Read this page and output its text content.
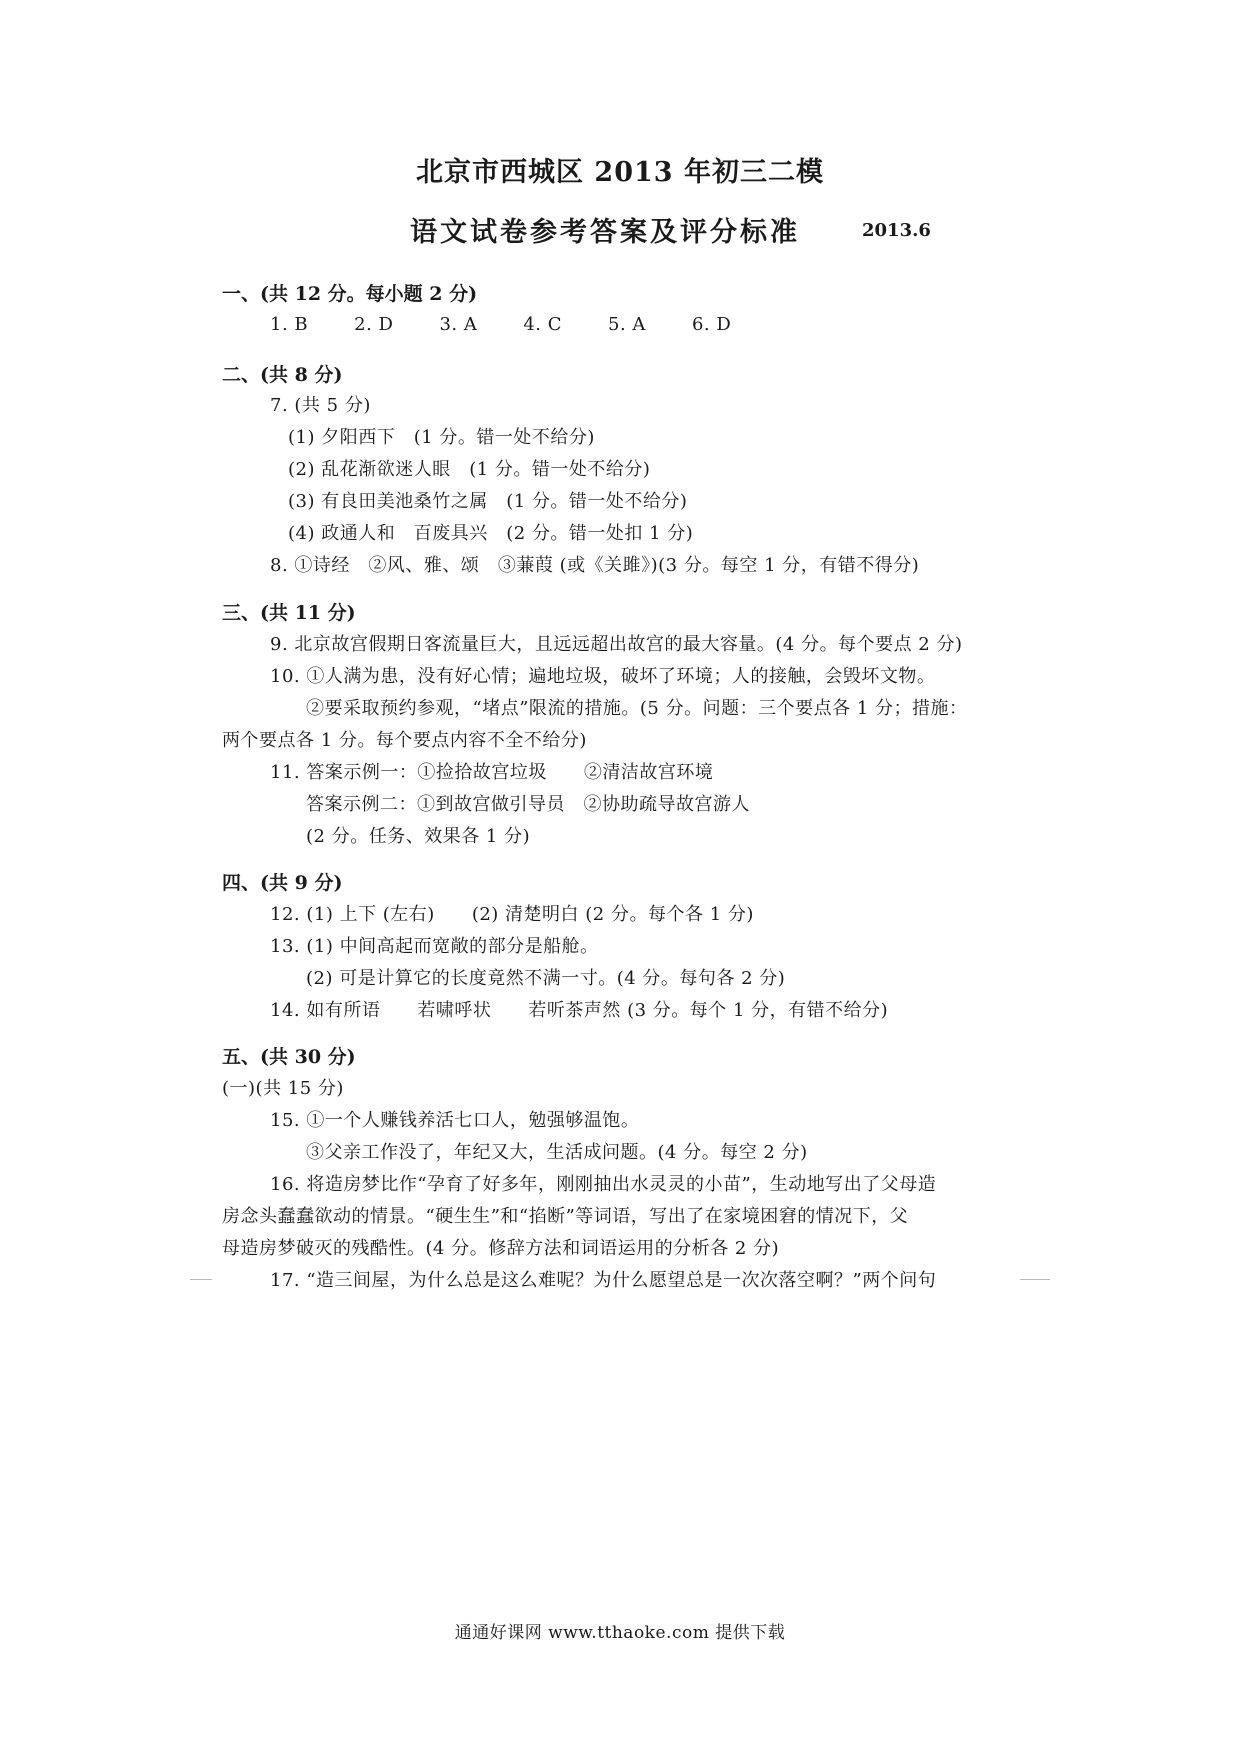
北京市西城区 2013 年初三二模
语文试卷参考答案及评分标准	2013.6
一、(共 12 分。每小题 2 分)
1. B	2. D	3. A	4. C	5. A	6. D
二、(共 8 分)
7. (共 5 分)
(1) 夕阳西下　(1 分。错一处不给分)
(2) 乱花渐欲迷人眼　(1 分。错一处不给分)
(3) 有良田美池桑竹之属　(1 分。错一处不给分)
(4) 政通人和　百废具兴　(2 分。错一处扣 1 分)
8. ①诗经　②风、雅、颂　③蒹葭 (或《关雎》)(3 分。每空 1 分，有错不得分)
三、(共 11 分)
9. 北京故宫假期日客流量巨大，且远远超出故宫的最大容量。(4 分。每个要点 2 分)
10. ①人满为患，没有好心情；遍地垃圾，破坏了环境；人的接触，会毁坏文物。
②要采取预约参观，“堵点”限流的措施。(5 分。问题：三个要点各 1 分；措施：
两个要点各 1 分。每个要点内容不全不给分)
11. 答案示例一：①捡拾故宫垃圾　　②清洁故宫环境
答案示例二：①到故宫做引导员　②协助疏导故宫游人
(2 分。任务、效果各 1 分)
四、(共 9 分)
12. (1) 上下 (左右)　　(2) 清楚明白 (2 分。每个各 1 分)
13. (1) 中间高起而宽敞的部分是船舱。
(2) 可是计算它的长度竟然不满一寸。(4 分。每句各 2 分)
14. 如有所语　　若啸呼状　　若听茶声然 (3 分。每个 1 分，有错不给分)
五、(共 30 分)
(一)(共 15 分)
15. ①一个人赚钱养活七口人，勉强够温饱。
③父亲工作没了，年纪又大，生活成问题。(4 分。每空 2 分)
16. 将造房梦比作“孕育了好多年，刚刚抽出水灵灵的小苗”，生动地写出了父母造
房念头蠢蠢欲动的情景。“硬生生”和“掐断”等词语，写出了在家境困窘的情况下，父
母造房梦破灭的残酷性。(4 分。修辞方法和词语运用的分析各 2 分)
17. “造三间屋，为什么总是这么难呢？为什么愿望总是一次次落空啊？”两个问句
通通好课网 www.tthaoke.com 提供下载
